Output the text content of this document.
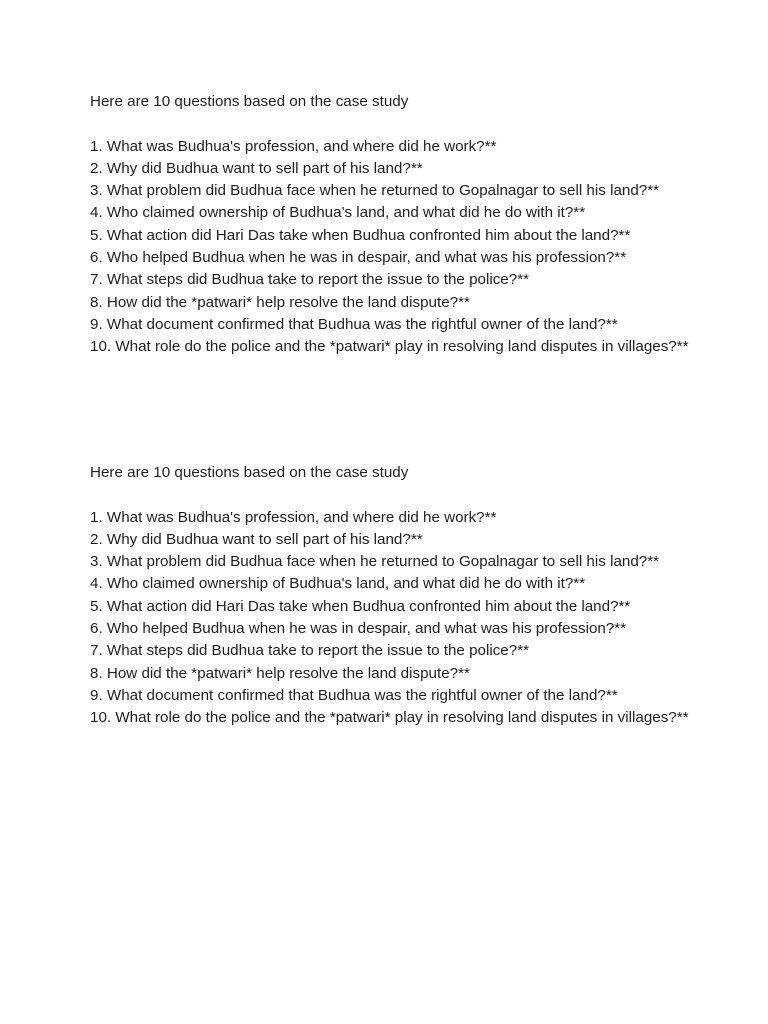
Here are 10 questions based on the case study

1. What was Budhua's profession, and where did he work?**
2. Why did Budhua want to sell part of his land?**
3. What problem did Budhua face when he returned to Gopalnagar to sell his land?**
4. Who claimed ownership of Budhua's land, and what did he do with it?**
5. What action did Hari Das take when Budhua confronted him about the land?**
6. Who helped Budhua when he was in despair, and what was his profession?**
7. What steps did Budhua take to report the issue to the police?**
8. How did the *patwari* help resolve the land dispute?**
9. What document confirmed that Budhua was the rightful owner of the land?**
10. What role do the police and the *patwari* play in resolving land disputes in villages?**

Here are 10 questions based on the case study

1. What was Budhua's profession, and where did he work?**
2. Why did Budhua want to sell part of his land?**
3. What problem did Budhua face when he returned to Gopalnagar to sell his land?**
4. Who claimed ownership of Budhua's land, and what did he do with it?**
5. What action did Hari Das take when Budhua confronted him about the land?**
6. Who helped Budhua when he was in despair, and what was his profession?**
7. What steps did Budhua take to report the issue to the police?**
8. How did the *patwari* help resolve the land dispute?**
9. What document confirmed that Budhua was the rightful owner of the land?**
10. What role do the police and the *patwari* play in resolving land disputes in villages?**
